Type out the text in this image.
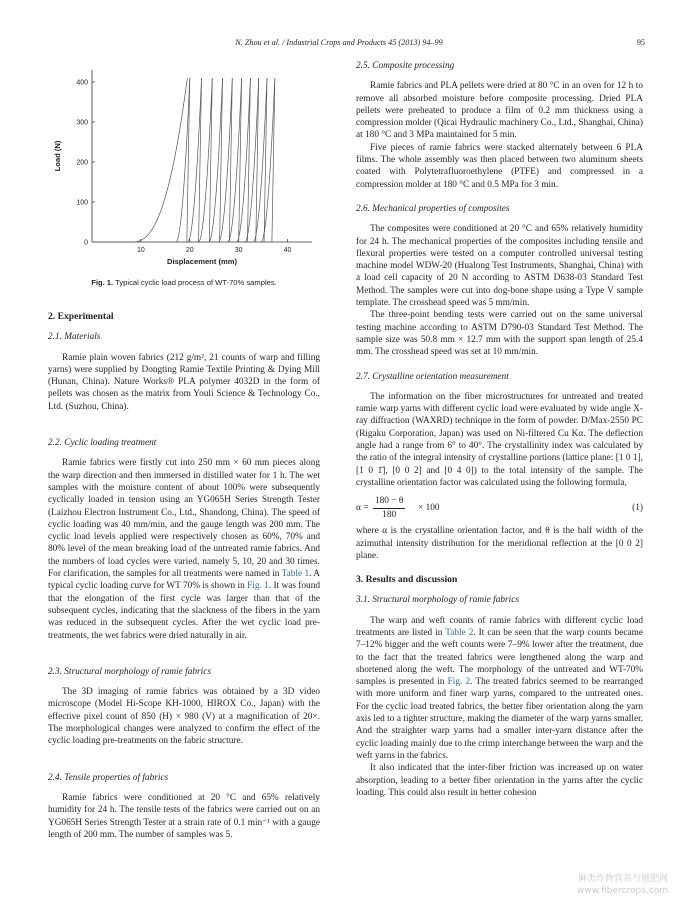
N. Zhou et al. / Industrial Crops and Products 45 (2013) 94–99	95
10	20	30	40
0
100
200
300
400
Displacement (mm)
Load (N)
Fig. 1. Typical cyclic load process of WT-70% samples.
2. Experimental
2.1. Materials

Ramie plain woven fabrics (212 g/m², 21 counts of warp and filling yarns) were supplied by Dongting Ramie Textile Printing & Dying Mill (Hunan, China). Nature Works® PLA polymer 4032D in the form of pellets was chosen as the matrix from Youli Science & Technology Co., Ltd. (Suzhou, China).

2.2. Cyclic loading treatment

Ramie fabrics were firstly cut into 250 mm × 60 mm pieces along the warp direction and then immersed in distilled water for 1 h. The wet samples with the moisture content of about 100% were subsequently cyclically loaded in tension using an YG065H Series Strength Tester (Laizhou Electron Instrument Co., Ltd., Shandong, China). The speed of cyclic loading was 40 mm/min, and the gauge length was 200 mm. The cyclic load levels applied were respectively chosen as 60%, 70% and 80% level of the mean breaking load of the untreated ramie fabrics. And the numbers of load cycles were varied, namely 5, 10, 20 and 30 times. For clarification, the samples for all treatments were named in Table 1. A typical cyclic loading curve for WT 70% is shown in Fig. 1. It was found that the elongation of the first cycle was larger than that of the subsequent cycles, indicating that the slackness of the fibers in the yarn was reduced in the subsequent cycles. After the wet cyclic load pre-treatments, the wet fabrics were dried naturally in air.

2.3. Structural morphology of ramie fabrics

The 3D imaging of ramie fabrics was obtained by a 3D video microscope (Model Hi-Scope KH-1000, HIROX Co., Japan) with the effective pixel count of 850 (H) × 980 (V) at a magnification of 20×. The morphological changes were analyzed to confirm the effect of the cyclic loading pre-treatments on the fabric structure.

2.4. Tensile properties of fabrics

Ramie fabrics were conditioned at 20 °C and 65% relatively humidity for 24 h. The tensile tests of the fabrics were carried out on an YG065H Series Strength Tester at a strain rate of 0.1 min⁻¹ with a gauge length of 200 mm. The number of samples was 5.

2.5. Composite processing

Ramie fabrics and PLA pellets were dried at 80 °C in an oven for 12 h to remove all absorbed moisture before composite processing. Dried PLA pellets were preheated to produce a film of 0.2 mm thickness using a compression molder (Qicai Hydraulic machinery Co., Ltd., Shanghai, China) at 180 °C and 3 MPa maintained for 5 min.

Five pieces of ramie fabrics were stacked alternately between 6 PLA films. The whole assembly was then placed between two aluminum sheets coated with Polytetrafluoroethylene (PTFE) and compressed in a compression molder at 180 °C and 0.5 MPa for 3 min.

2.6. Mechanical properties of composites

The composites were conditioned at 20 °C and 65% relatively humidity for 24 h. The mechanical properties of the composites including tensile and flexural properties were tested on a computer controlled universal testing machine model WDW-20 (Hualong Test Instruments, Shanghai, China) with a load cell capacity of 20 N according to ASTM D638-03 Standard Test Method. The samples were cut into dog-bone shape using a Type V sample template. The crosshead speed was 5 mm/min.

The three-point bending tests were carried out on the same universal testing machine according to ASTM D790-03 Standard Test Method. The sample size was 50.8 mm × 12.7 mm with the support span length of 25.4 mm. The crosshead speed was set at 10 mm/min.

2.7. Crystalline orientation measurement

The information on the fiber microstructures for untreated and treated ramie warp yarns with different cyclic load were evaluated by wide angle X-ray diffraction (WAXRD) technique in the form of powder. D/Max-2550 PC (Rigaku Corporation, Japan) was used on Ni-filtered Cu Kα. The deflection angle had a range from 6° to 40°. The crystallinity index was calculated by the ratio of the integral intensity of crystalline portions (lattice plane: [1 0 1], [1 0 1̄], [0 0 2] and [0 4 0]) to the total intensity of the sample. The crystalline orientation factor was calculated using the following formula,

$\alpha = \frac{180 - \theta}{180} \times 100$	(1)

where α is the crystalline orientation factor, and θ is the half width of the azimuthal intensity distribution for the meridional reflection at the [0 0 2] plane.

3. Results and discussion
3.1. Structural morphology of ramie fabrics

The warp and weft counts of ramie fabrics with different cyclic load treatments are listed in Table 2. It can be seen that the warp counts became 7–12% bigger and the weft counts were 7–9% lower after the treatment, due to the fact that the treated fabrics were lengthened along the warp and shortened along the weft. The morphology of the untreated and WT-70% samples is presented in Fig. 2. The treated fabrics seemed to be rearranged with more uniform and finer warp yarns, compared to the untreated ones. For the cyclic load treated fabrics, the better fiber orientation along the yarn axis led to a tighter structure, making the diameter of the warp yarns smaller. And the straighter warp yarns had a smaller inter-yarn distance after the cyclic loading mainly due to the crimp interchange between the warp and the weft yarns in the fabrics.

It also indicated that the inter-fiber friction was increased up on water absorption, leading to a better fiber orientation in the yarns after the cyclic loading. This could also result in better cohesion

麻类作物营养与施肥网
www.fibercrops.com
